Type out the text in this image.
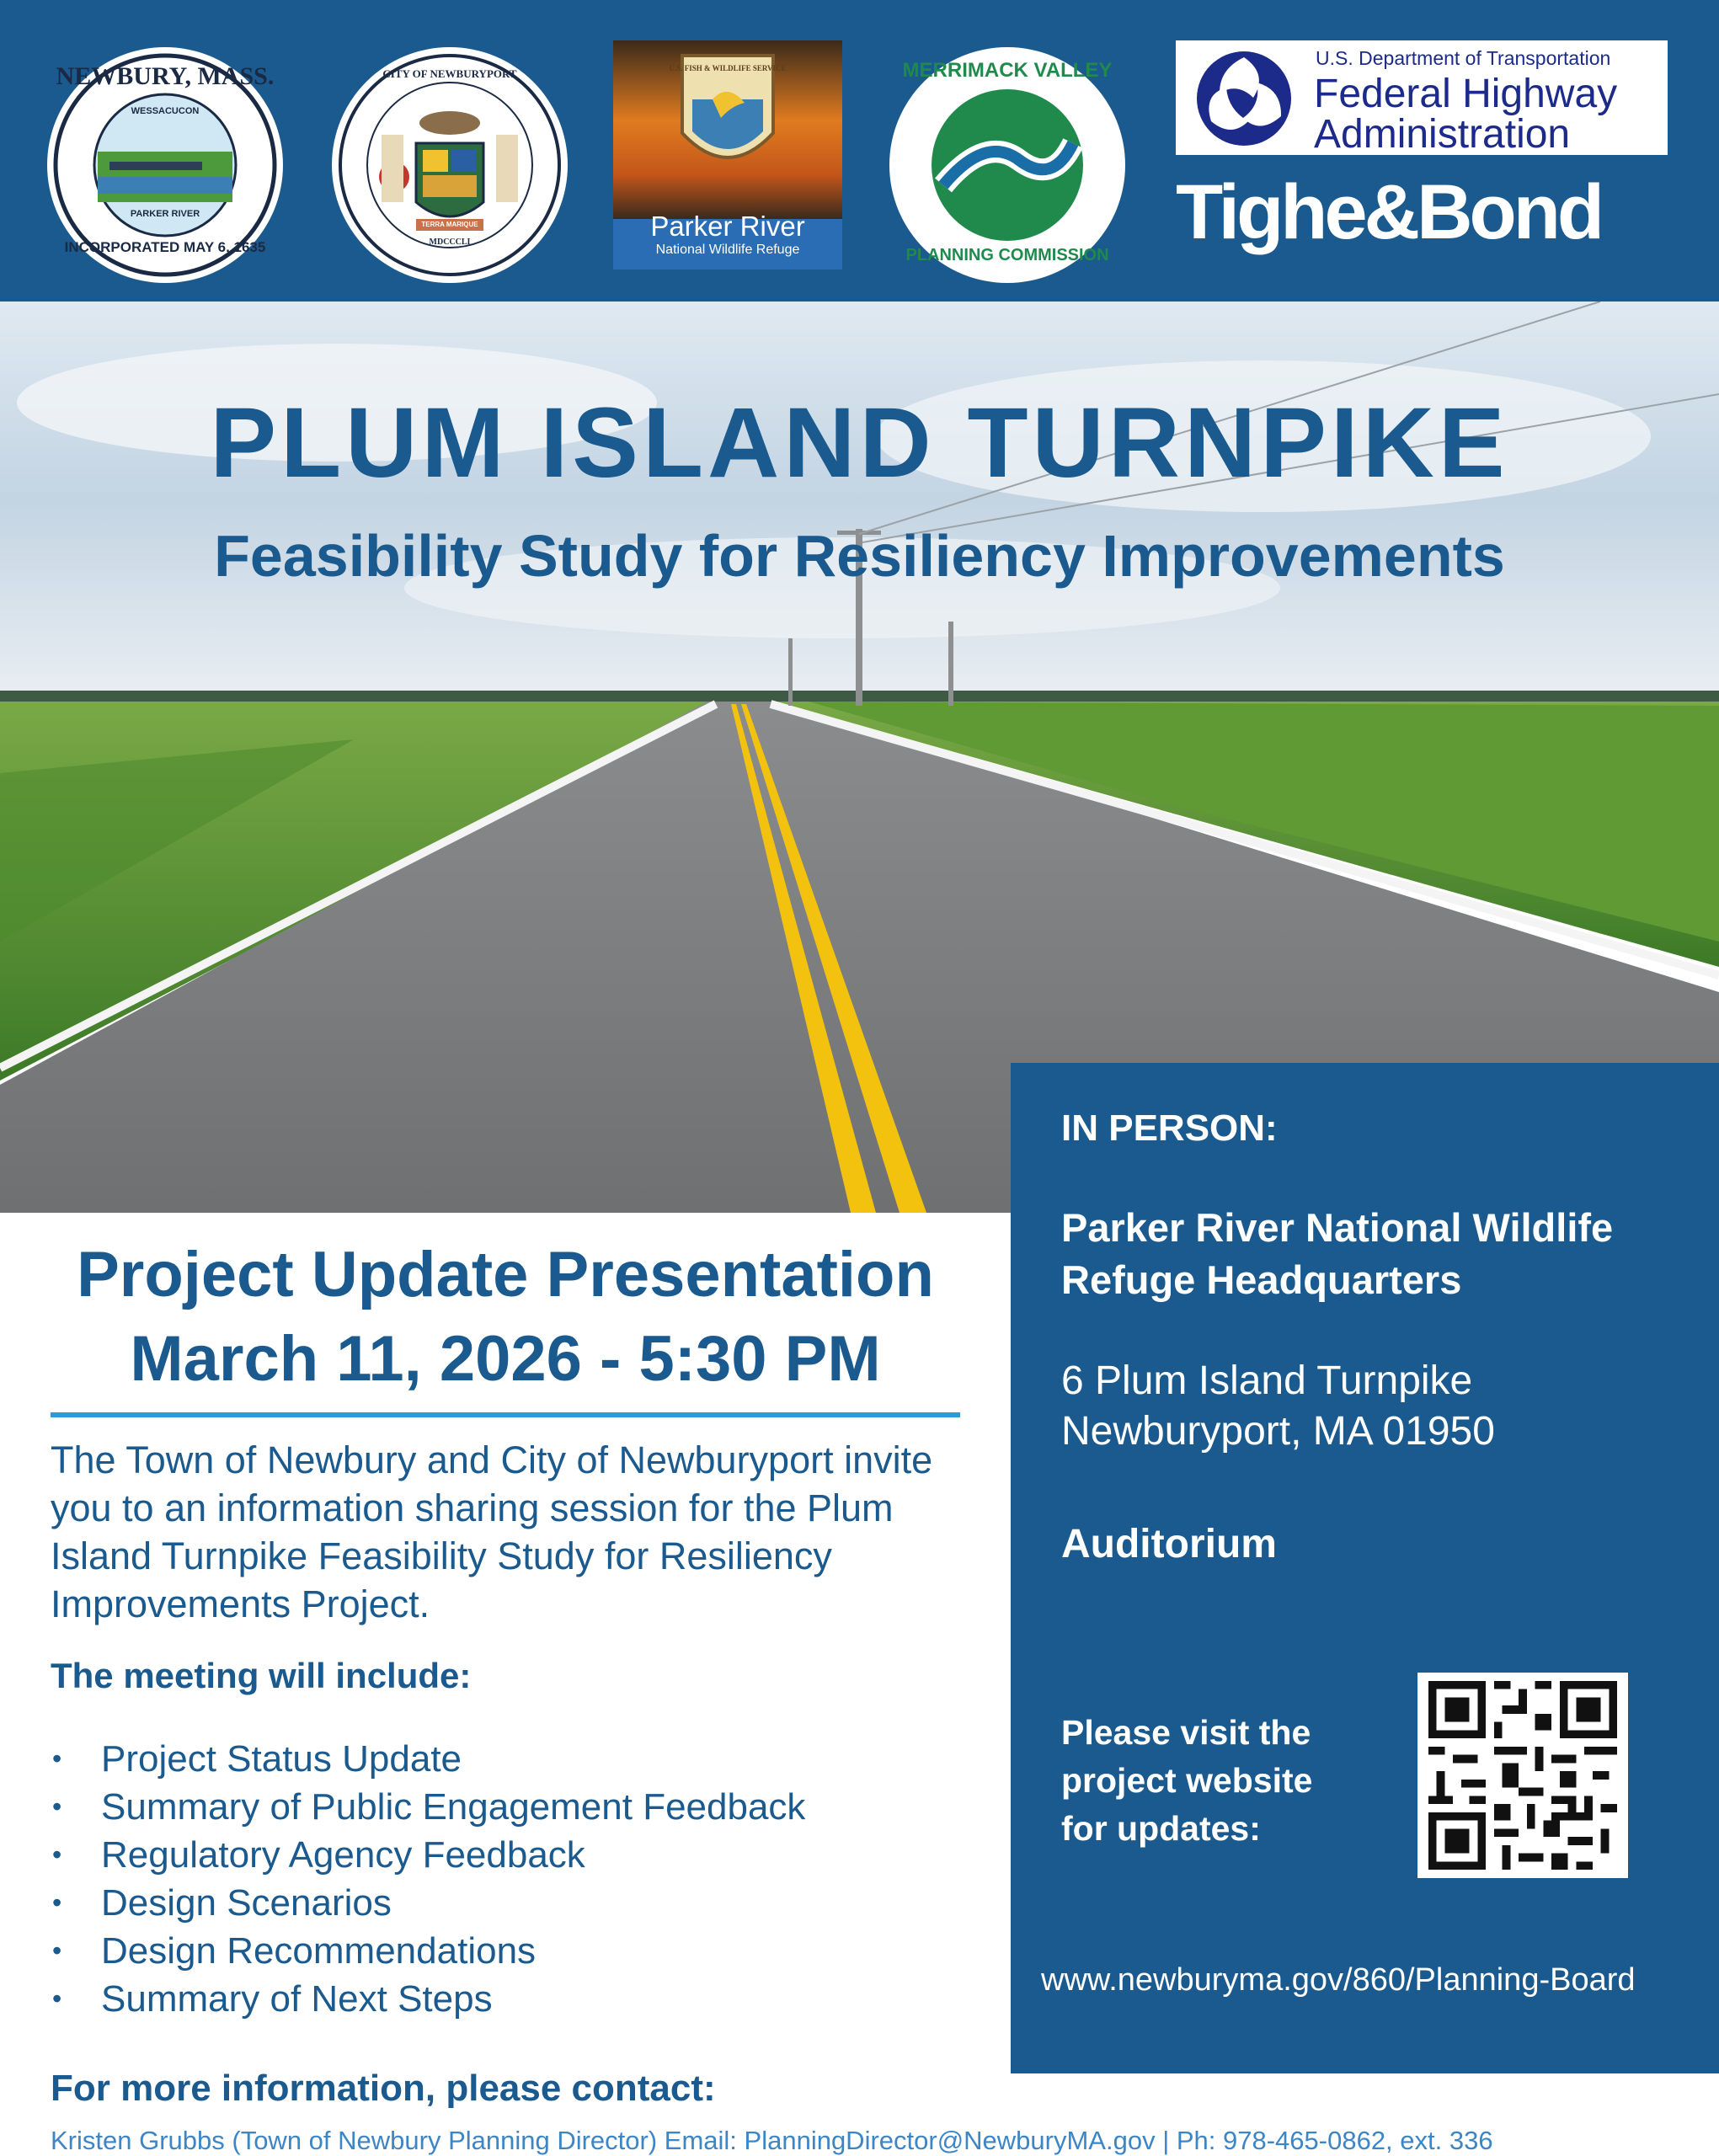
NEWBURY, MASS.
WESSACUCON
PARKER RIVER
INCORPORATED MAY 6, 1635
CITY OF NEWBURYPORT
TERRA MARIQUE
MDCCCLI
U.S. FISH & WILDLIFE SERVICE
Parker River
National Wildlife Refuge
MERRIMACK VALLEY
PLANNING COMMISSION
U.S. Department of Transportation
Federal Highway
Administration
Tighe&Bond
PLUM ISLAND TURNPIKE
Feasibility Study for Resiliency Improvements
Project Update Presentation
March 11, 2026 - 5:30 PM
The Town of Newbury and City of Newburyport invite you to an information sharing session for the Plum Island Turnpike Feasibility Study for Resiliency Improvements Project.
The meeting will include:
• Project Status Update
• Summary of Public Engagement Feedback
• Regulatory Agency Feedback
• Design Scenarios
• Design Recommendations
• Summary of Next Steps
For more information, please contact:
Kristen Grubbs (Town of Newbury Planning Director) Email: PlanningDirector@NewburyMA.gov | Ph: 978-465-0862, ext. 336
IN PERSON:
Parker River National Wildlife
Refuge Headquarters
6 Plum Island Turnpike
Newburyport, MA 01950
Auditorium
Please visit the
project website
for updates:
www.newburyma.gov/860/Planning-Board
